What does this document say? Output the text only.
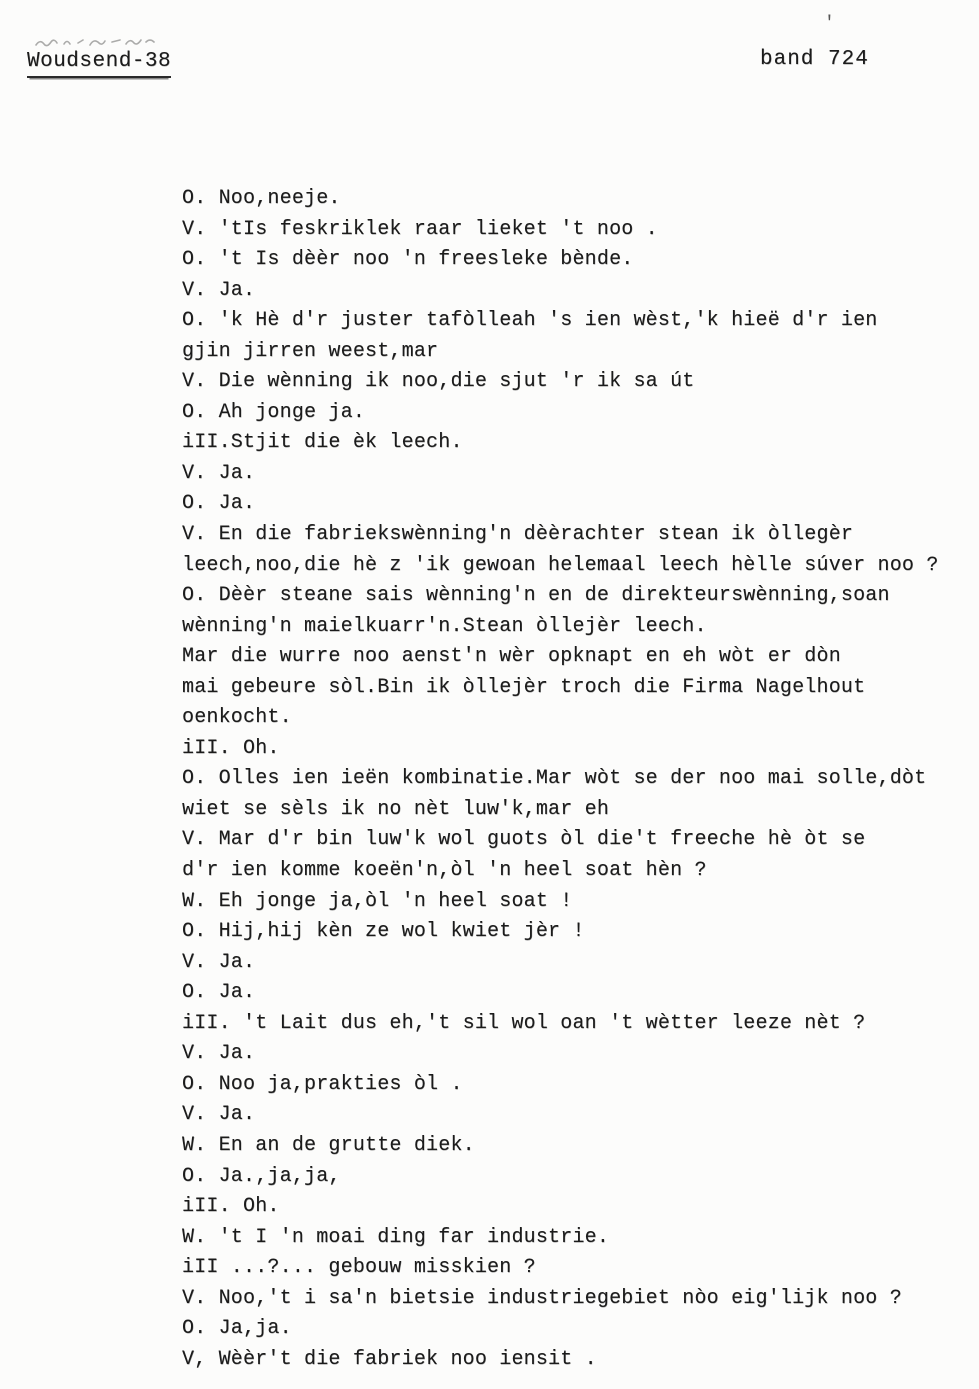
'
Woudsend-38	band 724
O. Noo,neeje.
V. 'tIs feskriklek raar lieket 't noo .
O. 't Is dèèr noo 'n freesleke bènde.
V. Ja.
O. 'k Hè d'r juster tafòlleah 's ien wèst,'k hieë d'r ien
gjin jirren weest,mar
V. Die wènning ik noo,die sjut 'r ik sa út
O. Ah jonge ja.
iII.Stjit die èk leech.
V. Ja.
O. Ja.
V. En die fabriekswènning'n dèèrachter stean ik òllegèr
leech,noo,die hè z 'ik gewoan helemaal leech hèlle súver noo ?
O. Dèèr steane sais wènning'n en de direkteurswènning,soan
wènning'n maielkuarr'n.Stean òllejèr leech.
Mar die wurre noo aenst'n wèr opknapt en eh wòt er dòn
mai gebeure sòl.Bin ik òllejèr troch die Firma Nagelhout
oenkocht.
iII. Oh.
O. Olles ien ieën kombinatie.Mar wòt se der noo mai solle,dòt
wiet se sèls ik no nèt luw'k,mar eh
V. Mar d'r bin luw'k wol guots òl die't freeche hè òt se
d'r ien komme koeën'n,òl 'n heel soat hèn ?
W. Eh jonge ja,òl 'n heel soat !
O. Hij,hij kèn ze wol kwiet jèr !
V. Ja.
O. Ja.
iII. 't Lait dus eh,'t sil wol oan 't wètter leeze nèt ?
V. Ja.
O. Noo ja,prakties òl .
V. Ja.
W. En an de grutte diek.
O. Ja.,ja,ja,
iII. Oh.
W. 't I 'n moai ding far industrie.
iII ...?... gebouw misskien ?
V. Noo,'t i sa'n bietsie industriegebiet nòo eig'lijk noo ?
O. Ja,ja.
V, Wèèr't die fabriek noo iensit .
